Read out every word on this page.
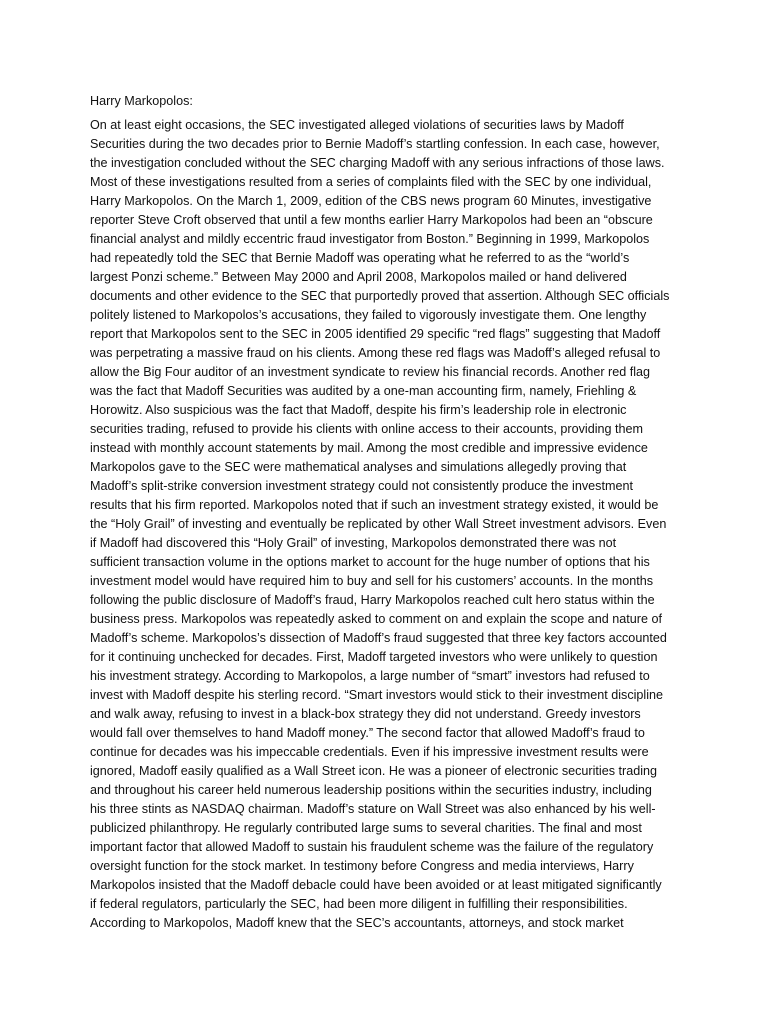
Harry Markopolos:
On at least eight occasions, the SEC investigated alleged violations of securities laws by Madoff
Securities during the two decades prior to Bernie Madoff’s startling confession. In each case, however,
the investigation concluded without the SEC charging Madoff with any serious infractions of those laws.
Most of these investigations resulted from a series of complaints filed with the SEC by one individual,
Harry Markopolos. On the March 1, 2009, edition of the CBS news program 60 Minutes, investigative
reporter Steve Croft observed that until a few months earlier Harry Markopolos had been an “obscure
financial analyst and mildly eccentric fraud investigator from Boston.” Beginning in 1999, Markopolos
had repeatedly told the SEC that Bernie Madoff was operating what he referred to as the “world’s
largest Ponzi scheme.” Between May 2000 and April 2008, Markopolos mailed or hand delivered
documents and other evidence to the SEC that purportedly proved that assertion. Although SEC officials
politely listened to Markopolos’s accusations, they failed to vigorously investigate them. One lengthy
report that Markopolos sent to the SEC in 2005 identified 29 specific “red flags” suggesting that Madoff
was perpetrating a massive fraud on his clients. Among these red flags was Madoff’s alleged refusal to
allow the Big Four auditor of an investment syndicate to review his financial records. Another red flag
was the fact that Madoff Securities was audited by a one-man accounting firm, namely, Friehling &
Horowitz. Also suspicious was the fact that Madoff, despite his firm’s leadership role in electronic
securities trading, refused to provide his clients with online access to their accounts, providing them
instead with monthly account statements by mail. Among the most credible and impressive evidence
Markopolos gave to the SEC were mathematical analyses and simulations allegedly proving that
Madoff’s split-strike conversion investment strategy could not consistently produce the investment
results that his firm reported. Markopolos noted that if such an investment strategy existed, it would be
the “Holy Grail” of investing and eventually be replicated by other Wall Street investment advisors. Even
if Madoff had discovered this “Holy Grail” of investing, Markopolos demonstrated there was not
sufficient transaction volume in the options market to account for the huge number of options that his
investment model would have required him to buy and sell for his customers’ accounts. In the months
following the public disclosure of Madoff’s fraud, Harry Markopolos reached cult hero status within the
business press. Markopolos was repeatedly asked to comment on and explain the scope and nature of
Madoff’s scheme. Markopolos’s dissection of Madoff’s fraud suggested that three key factors accounted
for it continuing unchecked for decades. First, Madoff targeted investors who were unlikely to question
his investment strategy. According to Markopolos, a large number of “smart” investors had refused to
invest with Madoff despite his sterling record. “Smart investors would stick to their investment discipline
and walk away, refusing to invest in a black-box strategy they did not understand. Greedy investors
would fall over themselves to hand Madoff money.” The second factor that allowed Madoff’s fraud to
continue for decades was his impeccable credentials. Even if his impressive investment results were
ignored, Madoff easily qualified as a Wall Street icon. He was a pioneer of electronic securities trading
and throughout his career held numerous leadership positions within the securities industry, including
his three stints as NASDAQ chairman. Madoff’s stature on Wall Street was also enhanced by his well-
publicized philanthropy. He regularly contributed large sums to several charities. The final and most
important factor that allowed Madoff to sustain his fraudulent scheme was the failure of the regulatory
oversight function for the stock market. In testimony before Congress and media interviews, Harry
Markopolos insisted that the Madoff debacle could have been avoided or at least mitigated significantly
if federal regulators, particularly the SEC, had been more diligent in fulfilling their responsibilities.
According to Markopolos, Madoff knew that the SEC’s accountants, attorneys, and stock market
